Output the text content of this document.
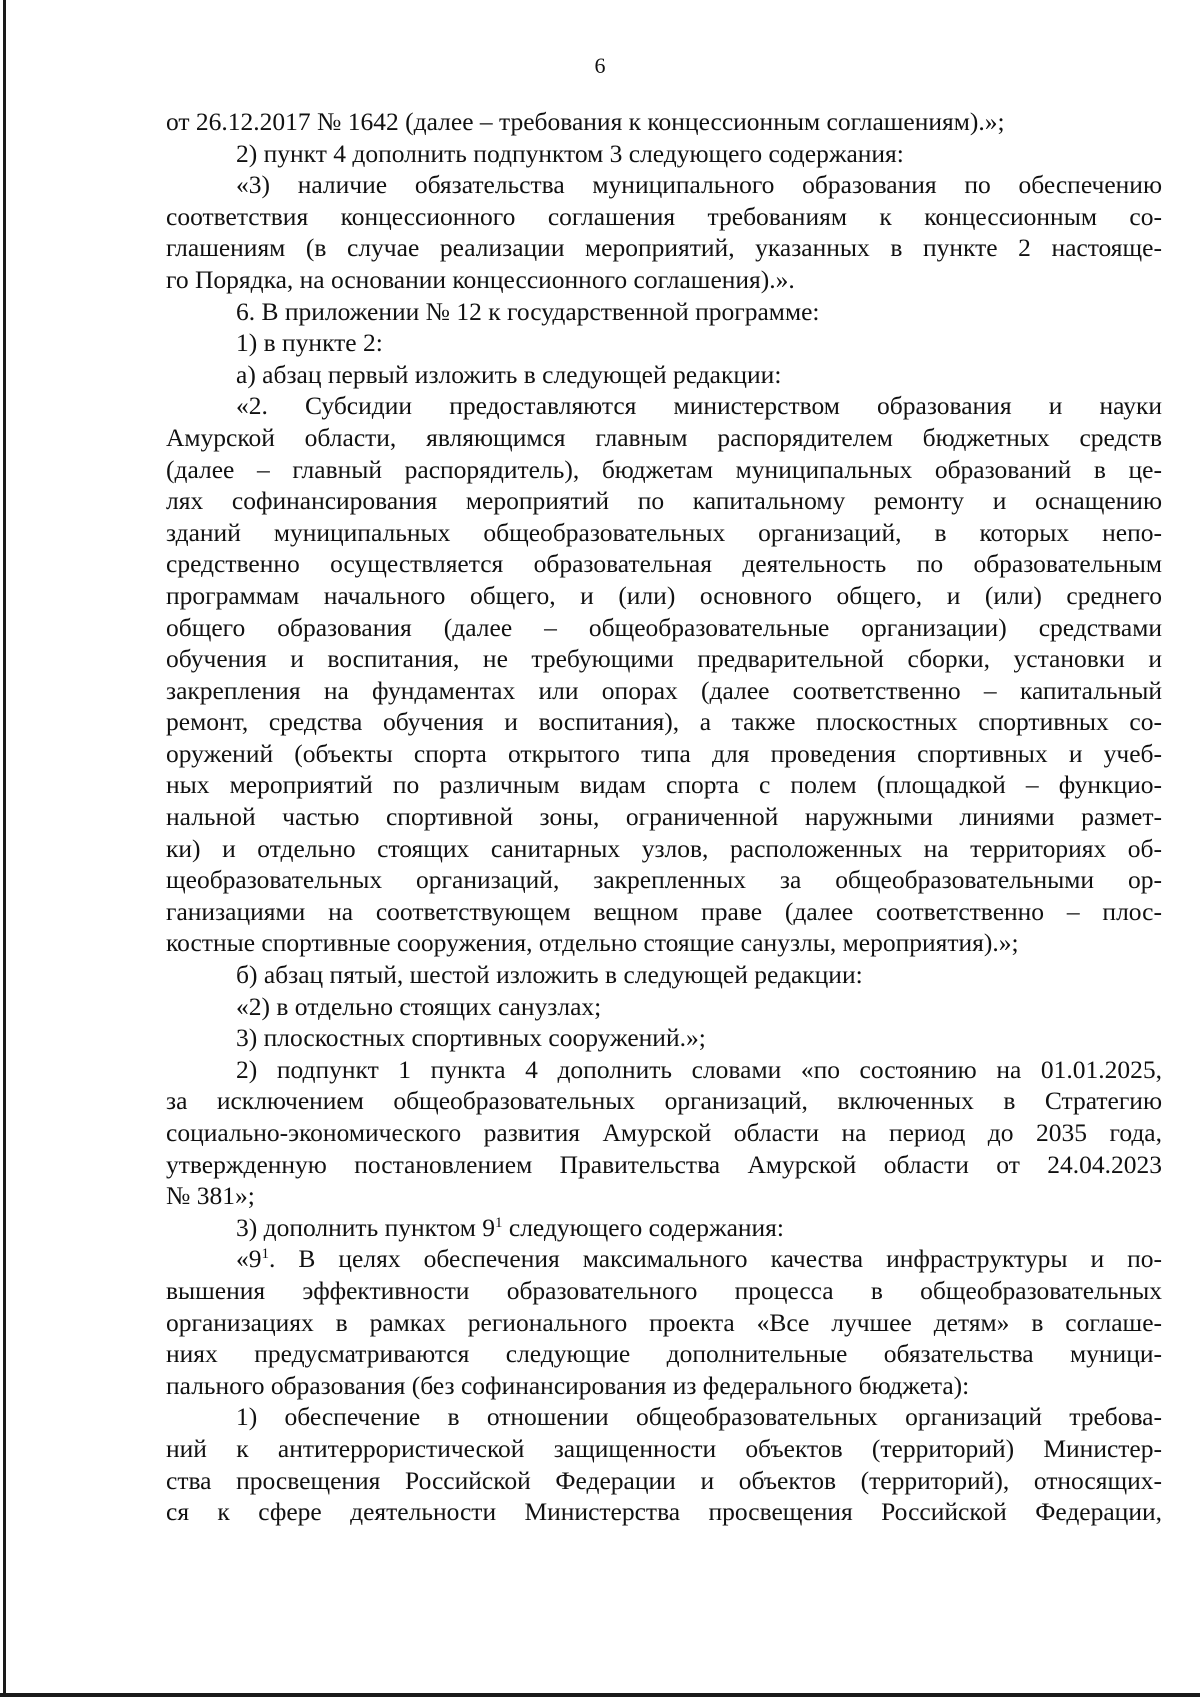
6
от 26.12.2017 № 1642 (далее – требования к концессионным соглашениям).»;
2) пункт 4 дополнить подпунктом 3 следующего содержания:
«3) наличие обязательства муниципального образования по обеспечению
соответствия концессионного соглашения требованиям к концессионным со-
глашениям (в случае реализации мероприятий, указанных в пункте 2 настояще-
го Порядка, на основании концессионного соглашения).».
6. В приложении № 12 к государственной программе:
1) в пункте 2:
а) абзац первый изложить в следующей редакции:
«2. Субсидии предоставляются министерством образования и науки
Амурской области, являющимся главным распорядителем бюджетных средств
(далее – главный распорядитель), бюджетам муниципальных образований в це-
лях софинансирования мероприятий по капитальному ремонту и оснащению
зданий муниципальных общеобразовательных организаций, в которых непо-
средственно осуществляется образовательная деятельность по образовательным
программам начального общего, и (или) основного общего, и (или) среднего
общего образования (далее – общеобразовательные организации) средствами
обучения и воспитания, не требующими предварительной сборки, установки и
закрепления на фундаментах или опорах (далее соответственно – капитальный
ремонт, средства обучения и воспитания), а также плоскостных спортивных со-
оружений (объекты спорта открытого типа для проведения спортивных и учеб-
ных мероприятий по различным видам спорта с полем (площадкой – функцио-
нальной частью спортивной зоны, ограниченной наружными линиями размет-
ки) и отдельно стоящих санитарных узлов, расположенных на территориях об-
щеобразовательных организаций, закрепленных за общеобразовательными ор-
ганизациями на соответствующем вещном праве (далее соответственно – плос-
костные спортивные сооружения, отдельно стоящие санузлы, мероприятия).»;
б) абзац пятый, шестой изложить в следующей редакции:
«2) в отдельно стоящих санузлах;
3) плоскостных спортивных сооружений.»;
2) подпункт 1 пункта 4 дополнить словами «по состоянию на 01.01.2025,
за исключением общеобразовательных организаций, включенных в Стратегию
социально-экономического развития Амурской области на период до 2035 года,
утвержденную постановлением Правительства Амурской области от 24.04.2023
№ 381»;
3) дополнить пунктом $9^1$ следующего содержания:
«$9^1$. В целях обеспечения максимального качества инфраструктуры и по-
вышения эффективности образовательного процесса в общеобразовательных
организациях в рамках регионального проекта «Все лучшее детям» в соглаше-
ниях предусматриваются следующие дополнительные обязательства муници-
пального образования (без софинансирования из федерального бюджета):
1) обеспечение в отношении общеобразовательных организаций требова-
ний к антитеррористической защищенности объектов (территорий) Министер-
ства просвещения Российской Федерации и объектов (территорий), относящих-
ся к сфере деятельности Министерства просвещения Российской Федерации,
